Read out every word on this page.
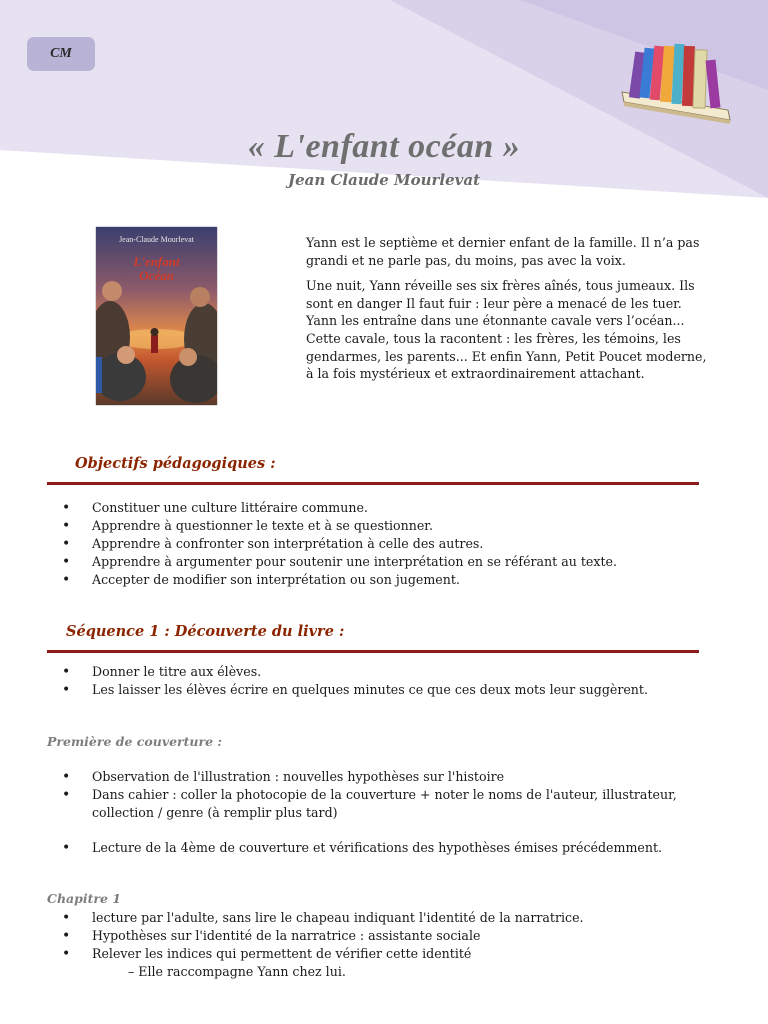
CM
« L'enfant océan »
Jean Claude Mourlevat
Jean-Claude Mourlevat
L'enfant
Océan

Yann est le septième et dernier enfant de la famille. Il n’a pas grandi et ne parle pas, du moins, pas avec la voix.

Une nuit, Yann réveille ses six frères aînés, tous jumeaux. Ils sont en danger Il faut fuir : leur père a menacé de les tuer. Yann les entraîne dans une étonnante cavale vers l’océan... Cette cavale, tous la racontent : les frères, les témoins, les gendarmes, les parents... Et enfin Yann, Petit Poucet moderne, à la fois mystérieux et extraordinairement attachant.

Objectifs pédagogiques :
• Constituer une culture littéraire commune.
• Apprendre à questionner le texte et à se questionner.
• Apprendre à confronter son interprétation à celle des autres.
• Apprendre à argumenter pour soutenir une interprétation en se référant au texte.
• Accepter de modifier son interprétation ou son jugement.
Séquence 1 : Découverte du livre :
• Donner le titre aux élèves.
• Les laisser les élèves écrire en quelques minutes ce que ces deux mots leur suggèrent.
Première de couverture :
• Observation de l'illustration : nouvelles hypothèses sur l'histoire
• Dans cahier : coller la photocopie de la couverture + noter le noms de l'auteur, illustrateur, collection / genre (à remplir plus tard)
• Lecture de la 4ème de couverture et vérifications des hypothèses émises précédemment.
Chapitre 1
• lecture par l'adulte, sans lire le chapeau indiquant l'identité de la narratrice.
• Hypothèses sur l'identité de la narratrice : assistante sociale
• Relever les indices qui permettent de vérifier cette identité
– Elle raccompagne Yann chez lui.
